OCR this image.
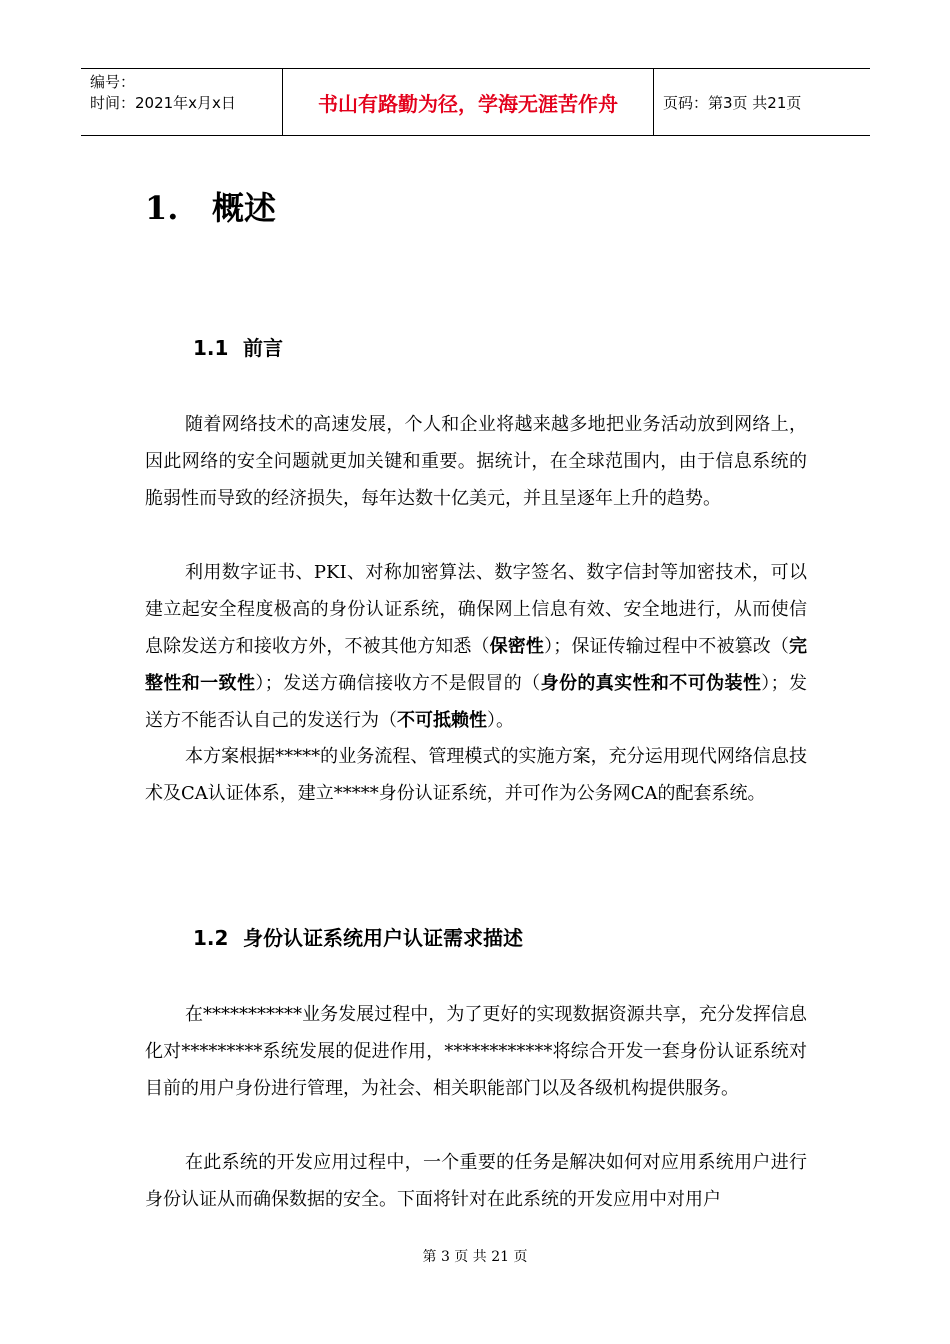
编号：
时间：2021年x月x日	书山有路勤为径，学海无涯苦作舟	页码：第3页 共21页
1. 概述
1.1 前言
随着网络技术的高速发展，个人和企业将越来越多地把业务活动放到网络上，因此网络的安全问题就更加关键和重要。据统计，在全球范围内，由于信息系统的脆弱性而导致的经济损失，每年达数十亿美元，并且呈逐年上升的趋势。
利用数字证书、PKI、对称加密算法、数字签名、数字信封等加密技术，可以建立起安全程度极高的身份认证系统，确保网上信息有效、安全地进行，从而使信息除发送方和接收方外，不被其他方知悉（保密性）；保证传输过程中不被篡改（完整性和一致性）；发送方确信接收方不是假冒的（身份的真实性和不可伪装性）；发送方不能否认自己的发送行为（不可抵赖性）。
本方案根据*****的业务流程、管理模式的实施方案，充分运用现代网络信息技术及CA认证体系，建立*****身份认证系统，并可作为公务网CA的配套系统。
1.2 身份认证系统用户认证需求描述
在***********业务发展过程中，为了更好的实现数据资源共享，充分发挥信息化对*********系统发展的促进作用，************将综合开发一套身份认证系统对目前的用户身份进行管理，为社会、相关职能部门以及各级机构提供服务。
在此系统的开发应用过程中，一个重要的任务是解决如何对应用系统用户进行身份认证从而确保数据的安全。下面将针对在此系统的开发应用中对用户
第 3 页 共 21 页
